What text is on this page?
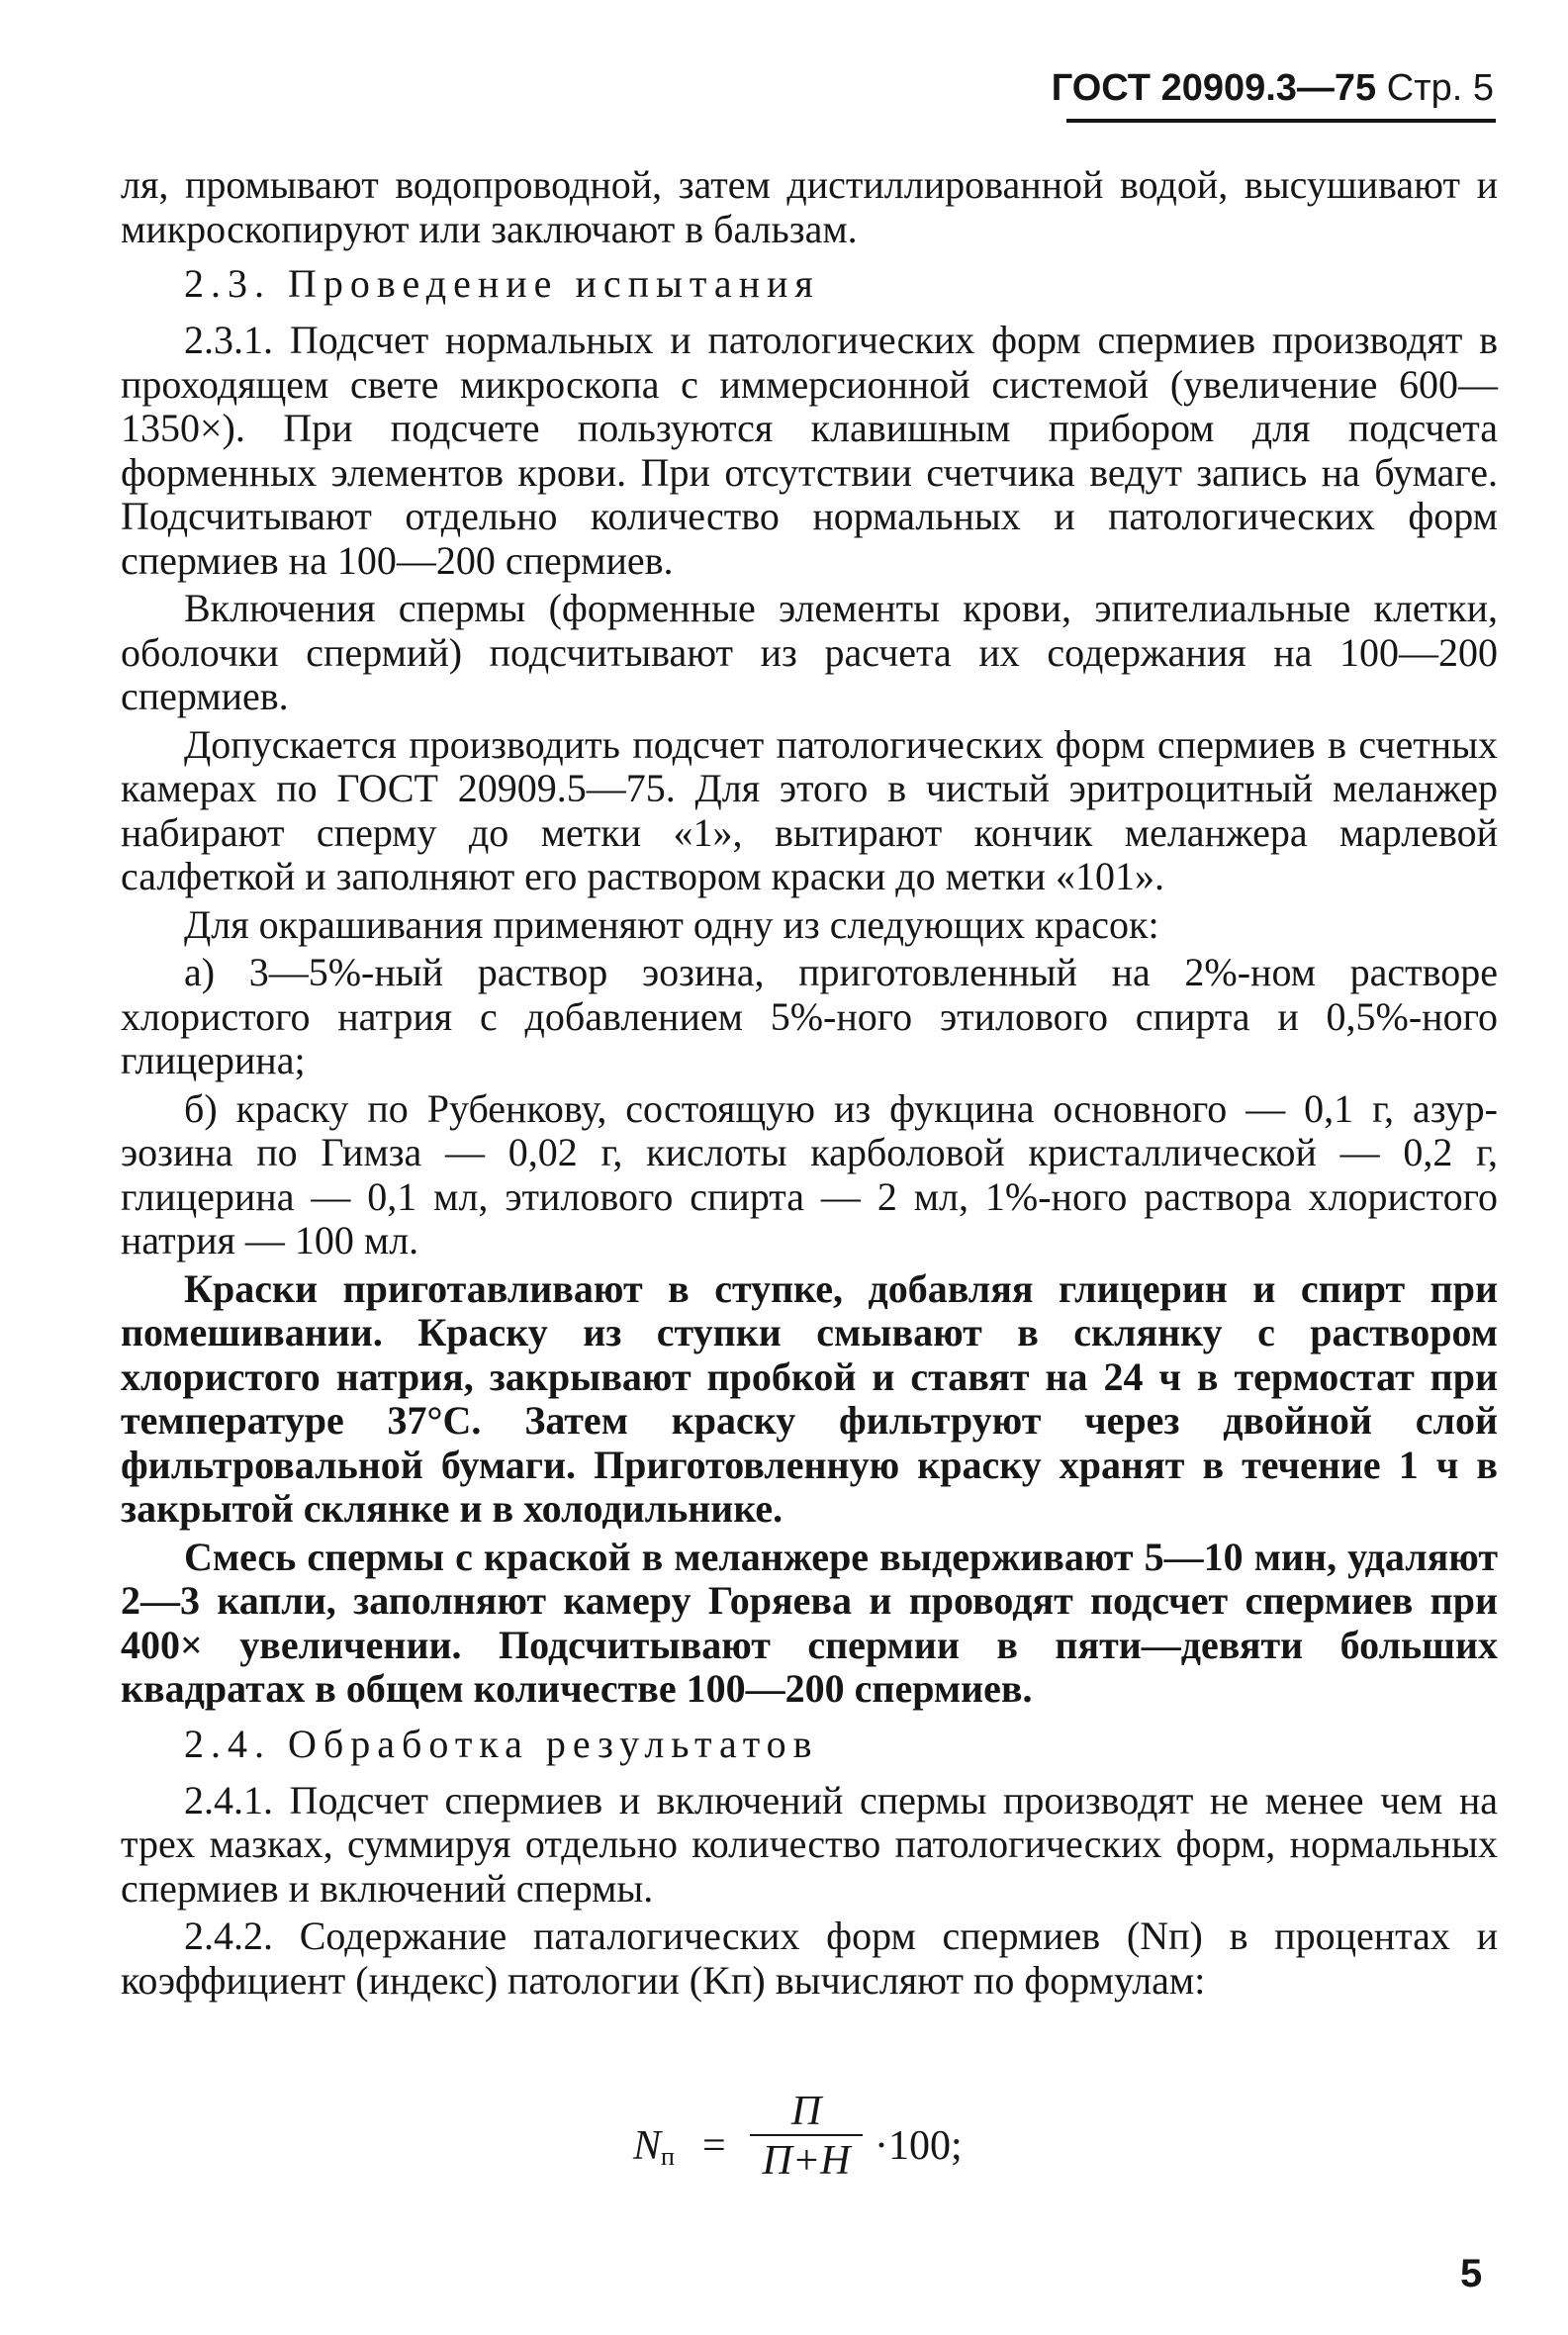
ГОСТ 20909.3—75 Стр. 5

ля, промывают водопроводной, затем дистиллированной водой, высушивают и микроскопируют или заключают в бальзам.

2.3. Проведение испытания

2.3.1. Подсчет нормальных и патологических форм спермиев производят в проходящем свете микроскопа с иммерсионной системой (увеличение 600—1350×). При подсчете пользуются клавишным прибором для подсчета форменных элементов крови. При отсутствии счетчика ведут запись на бумаге. Подсчитывают отдельно количество нормальных и патологических форм спермиев на 100—200 спермиев.

Включения спермы (форменные элементы крови, эпителиальные клетки, оболочки спермий) подсчитывают из расчета их содержания на 100—200 спермиев.

Допускается производить подсчет патологических форм спермиев в счетных камерах по ГОСТ 20909.5—75. Для этого в чистый эритроцитный меланжер набирают сперму до метки «1», вытирают кончик меланжера марлевой салфеткой и заполняют его раствором краски до метки «101».

Для окрашивания применяют одну из следующих красок:

а) 3—5%-ный раствор эозина, приготовленный на 2%-ном растворе хлористого натрия с добавлением 5%-ного этилового спирта и 0,5%-ного глицерина;

б) краску по Рубенкову, состоящую из фукцина основного — 0,1 г, азур-эозина по Гимза — 0,02 г, кислоты карболовой кристаллической — 0,2 г, глицерина — 0,1 мл, этилового спирта — 2 мл, 1%-ного раствора хлористого натрия — 100 мл.

Краски приготавливают в ступке, добавляя глицерин и спирт при помешивании. Краску из ступки смывают в склянку с раствором хлористого натрия, закрывают пробкой и ставят на 24 ч в термостат при температуре 37°С. Затем краску фильтруют через двойной слой фильтровальной бумаги. Приготовленную краску хранят в течение 1 ч в закрытой склянке и в холодильнике.

Смесь спермы с краской в меланжере выдерживают 5—10 мин, удаляют 2—3 капли, заполняют камеру Горяева и проводят подсчет спермиев при 400× увеличении. Подсчитывают спермии в пяти—девяти больших квадратах в общем количестве 100—200 спермиев.

2.4. Обработка результатов

2.4.1. Подсчет спермиев и включений спермы производят не менее чем на трех мазках, суммируя отдельно количество патологических форм, нормальных спермиев и включений спермы.

2.4.2. Содержание паталогических форм спермиев (Nп) в процентах и коэффициент (индекс) патологии (Kп) вычисляют по формулам:

$N_п$ =
П
П+Н ·100;
5
